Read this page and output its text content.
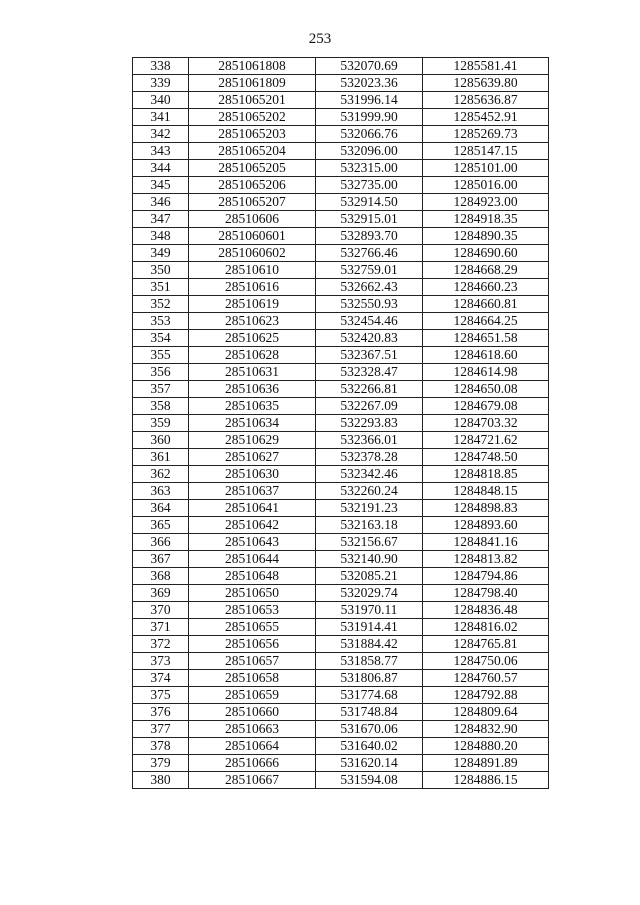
253
338	2851061808	532070.69	1285581.41
339	2851061809	532023.36	1285639.80
340	2851065201	531996.14	1285636.87
341	2851065202	531999.90	1285452.91
342	2851065203	532066.76	1285269.73
343	2851065204	532096.00	1285147.15
344	2851065205	532315.00	1285101.00
345	2851065206	532735.00	1285016.00
346	2851065207	532914.50	1284923.00
347	28510606	532915.01	1284918.35
348	2851060601	532893.70	1284890.35
349	2851060602	532766.46	1284690.60
350	28510610	532759.01	1284668.29
351	28510616	532662.43	1284660.23
352	28510619	532550.93	1284660.81
353	28510623	532454.46	1284664.25
354	28510625	532420.83	1284651.58
355	28510628	532367.51	1284618.60
356	28510631	532328.47	1284614.98
357	28510636	532266.81	1284650.08
358	28510635	532267.09	1284679.08
359	28510634	532293.83	1284703.32
360	28510629	532366.01	1284721.62
361	28510627	532378.28	1284748.50
362	28510630	532342.46	1284818.85
363	28510637	532260.24	1284848.15
364	28510641	532191.23	1284898.83
365	28510642	532163.18	1284893.60
366	28510643	532156.67	1284841.16
367	28510644	532140.90	1284813.82
368	28510648	532085.21	1284794.86
369	28510650	532029.74	1284798.40
370	28510653	531970.11	1284836.48
371	28510655	531914.41	1284816.02
372	28510656	531884.42	1284765.81
373	28510657	531858.77	1284750.06
374	28510658	531806.87	1284760.57
375	28510659	531774.68	1284792.88
376	28510660	531748.84	1284809.64
377	28510663	531670.06	1284832.90
378	28510664	531640.02	1284880.20
379	28510666	531620.14	1284891.89
380	28510667	531594.08	1284886.15
